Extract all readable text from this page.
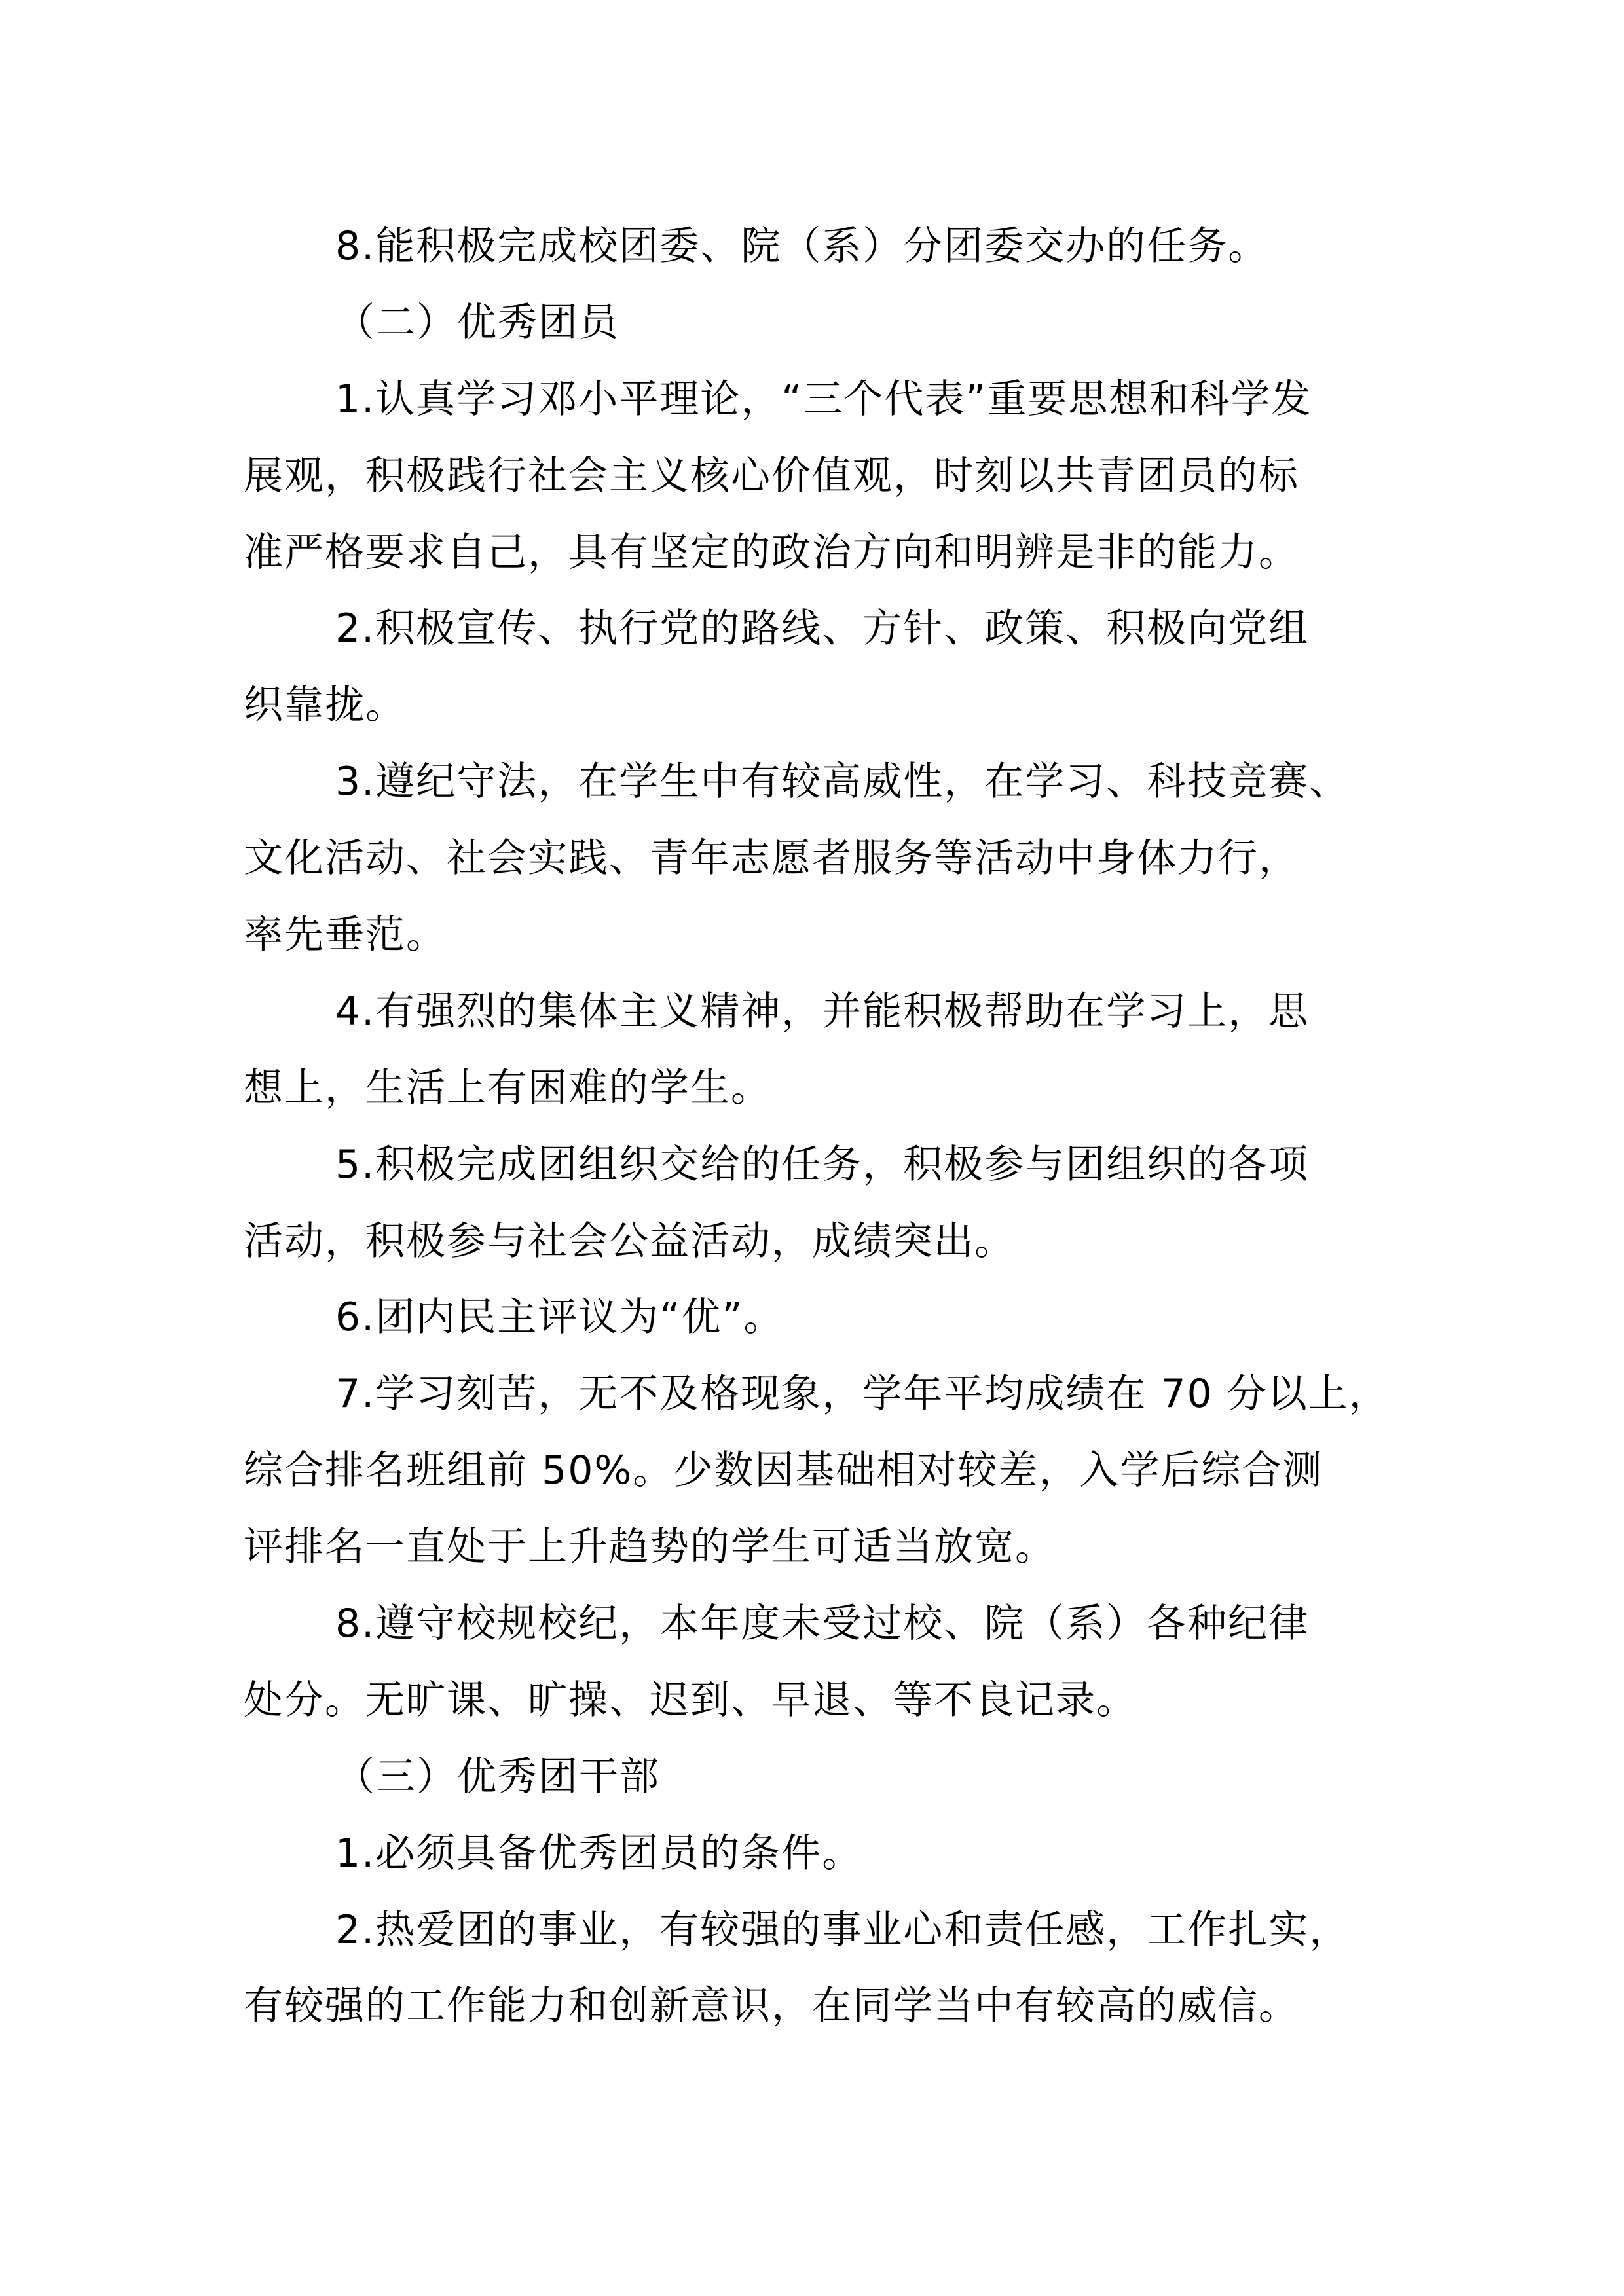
8.能积极完成校团委、院（系）分团委交办的任务。
（二）优秀团员
1.认真学习邓小平理论，“三个代表”重要思想和科学发
展观，积极践行社会主义核心价值观，时刻以共青团员的标
准严格要求自己，具有坚定的政治方向和明辨是非的能力。
2.积极宣传、执行党的路线、方针、政策、积极向党组
织靠拢。
3.遵纪守法，在学生中有较高威性，在学习、科技竞赛、
文化活动、社会实践、青年志愿者服务等活动中身体力行，
率先垂范。
4.有强烈的集体主义精神，并能积极帮助在学习上，思
想上，生活上有困难的学生。
5.积极完成团组织交给的任务，积极参与团组织的各项
活动，积极参与社会公益活动，成绩突出。
6.团内民主评议为“优”。
7.学习刻苦，无不及格现象，学年平均成绩在 70 分以上，
综合排名班组前 50%。少数因基础相对较差，入学后综合测
评排名一直处于上升趋势的学生可适当放宽。
8.遵守校规校纪，本年度未受过校、院（系）各种纪律
处分。无旷课、旷操、迟到、早退、等不良记录。
（三）优秀团干部
1.必须具备优秀团员的条件。
2.热爱团的事业，有较强的事业心和责任感，工作扎实，
有较强的工作能力和创新意识，在同学当中有较高的威信。
